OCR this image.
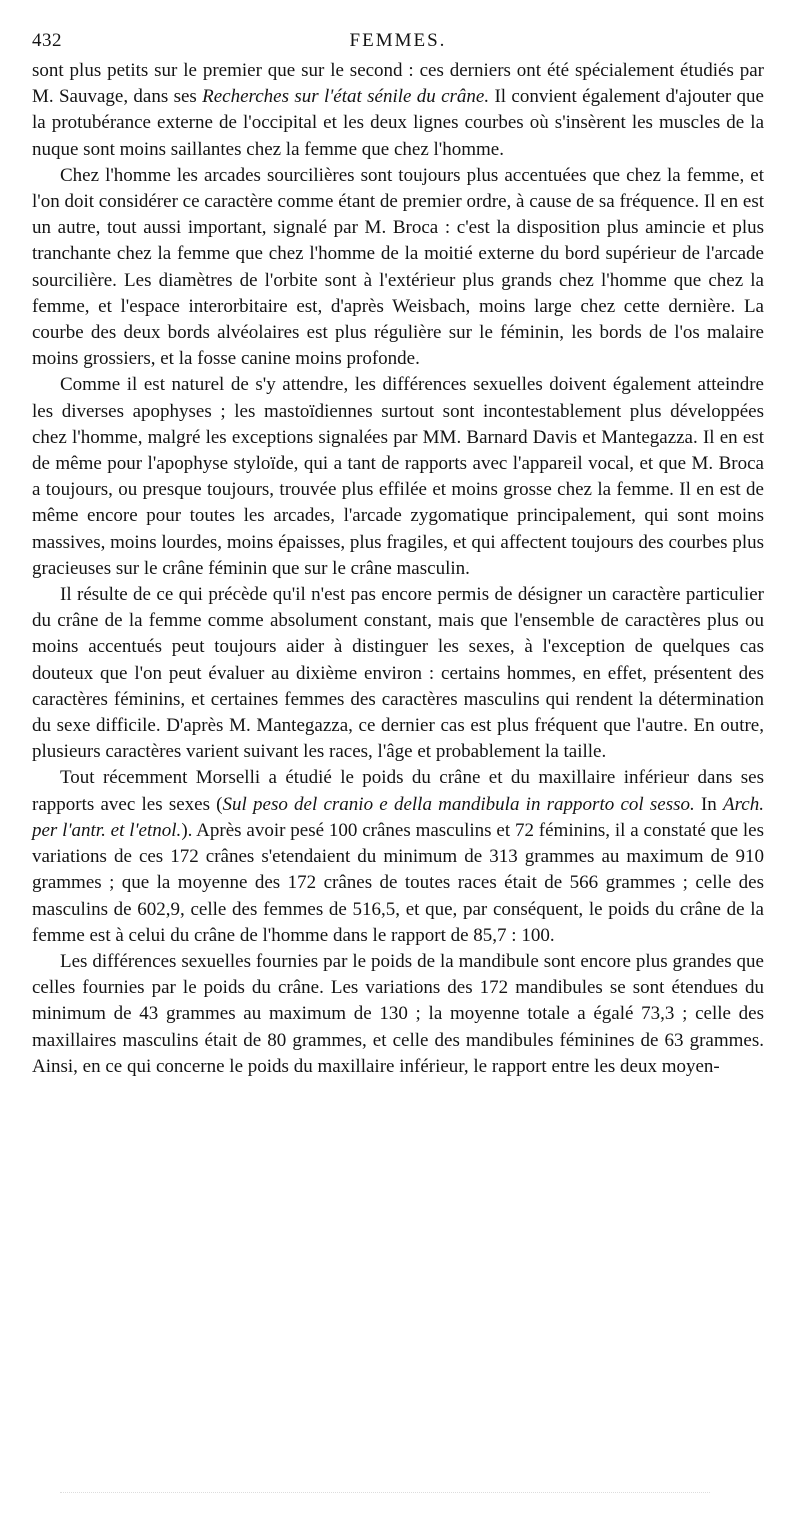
432	FEMMES.

sont plus petits sur le premier que sur le second : ces derniers ont été spécialement étudiés par M. Sauvage, dans ses Recherches sur l'état sénile du crâne. Il convient également d'ajouter que la protubérance externe de l'occipital et les deux lignes courbes où s'insèrent les muscles de la nuque sont moins saillantes chez la femme que chez l'homme.

Chez l'homme les arcades sourcilières sont toujours plus accentuées que chez la femme, et l'on doit considérer ce caractère comme étant de premier ordre, à cause de sa fréquence. Il en est un autre, tout aussi important, signalé par M. Broca : c'est la disposition plus amincie et plus tranchante chez la femme que chez l'homme de la moitié externe du bord supérieur de l'arcade sourcilière. Les diamètres de l'orbite sont à l'extérieur plus grands chez l'homme que chez la femme, et l'espace interorbitaire est, d'après Weisbach, moins large chez cette dernière. La courbe des deux bords alvéolaires est plus régulière sur le féminin, les bords de l'os malaire moins grossiers, et la fosse canine moins profonde.

Comme il est naturel de s'y attendre, les différences sexuelles doivent également atteindre les diverses apophyses ; les mastoïdiennes surtout sont incontestablement plus développées chez l'homme, malgré les exceptions signalées par MM. Barnard Davis et Mantegazza. Il en est de même pour l'apophyse styloïde, qui a tant de rapports avec l'appareil vocal, et que M. Broca a toujours, ou presque toujours, trouvée plus effilée et moins grosse chez la femme. Il en est de même encore pour toutes les arcades, l'arcade zygomatique principalement, qui sont moins massives, moins lourdes, moins épaisses, plus fragiles, et qui affectent toujours des courbes plus gracieuses sur le crâne féminin que sur le crâne masculin.

Il résulte de ce qui précède qu'il n'est pas encore permis de désigner un caractère particulier du crâne de la femme comme absolument constant, mais que l'ensemble de caractères plus ou moins accentués peut toujours aider à distinguer les sexes, à l'exception de quelques cas douteux que l'on peut évaluer au dixième environ : certains hommes, en effet, présentent des caractères féminins, et certaines femmes des caractères masculins qui rendent la détermination du sexe difficile. D'après M. Mantegazza, ce dernier cas est plus fréquent que l'autre. En outre, plusieurs caractères varient suivant les races, l'âge et probablement la taille.

Tout récemment Morselli a étudié le poids du crâne et du maxillaire inférieur dans ses rapports avec les sexes (Sul peso del cranio e della mandibula in rapporto col sesso. In Arch. per l'antr. et l'etnol.). Après avoir pesé 100 crânes masculins et 72 féminins, il a constaté que les variations de ces 172 crânes s'etendaient du minimum de 313 grammes au maximum de 910 grammes ; que la moyenne des 172 crânes de toutes races était de 566 grammes ; celle des masculins de 602,9, celle des femmes de 516,5, et que, par conséquent, le poids du crâne de la femme est à celui du crâne de l'homme dans le rapport de 85,7 : 100.

Les différences sexuelles fournies par le poids de la mandibule sont encore plus grandes que celles fournies par le poids du crâne. Les variations des 172 mandibules se sont étendues du minimum de 43 grammes au maximum de 130 ; la moyenne totale a égalé 73,3 ; celle des maxillaires masculins était de 80 grammes, et celle des mandibules féminines de 63 grammes. Ainsi, en ce qui concerne le poids du maxillaire inférieur, le rapport entre les deux moyen-
